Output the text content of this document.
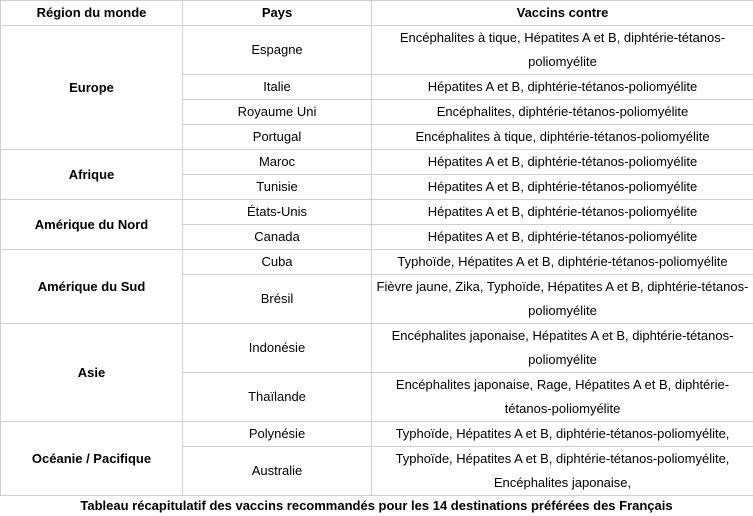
Région du monde	Pays	Vaccins contre
Europe	Espagne	Encéphalites à tique, Hépatites A et B, diphtérie-tétanos-poliomyélite
	Italie	Hépatites A et B, diphtérie-tétanos-poliomyélite
	Royaume Uni	Encéphalites, diphtérie-tétanos-poliomyélite
	Portugal	Encéphalites à tique, diphtérie-tétanos-poliomyélite
Afrique	Maroc	Hépatites A et B, diphtérie-tétanos-poliomyélite
	Tunisie	Hépatites A et B, diphtérie-tétanos-poliomyélite
Amérique du Nord	États-Unis	Hépatites A et B, diphtérie-tétanos-poliomyélite
	Canada	Hépatites A et B, diphtérie-tétanos-poliomyélite
Amérique du Sud	Cuba	Typhoïde, Hépatites A et B, diphtérie-tétanos-poliomyélite
	Brésil	Fièvre jaune, Zika, Typhoïde, Hépatites A et B, diphtérie-tétanos-poliomyélite
Asie	Indonésie	Encéphalites japonaise, Hépatites A et B, diphtérie-tétanos-poliomyélite
	Thaïlande	Encéphalites japonaise, Rage, Hépatites A et B, diphtérie-tétanos-poliomyélite
Océanie / Pacifique	Polynésie	Typhoïde, Hépatites A et B, diphtérie-tétanos-poliomyélite,
	Australie	Typhoïde, Hépatites A et B, diphtérie-tétanos-poliomyélite, Encéphalites japonaise,
Tableau récapitulatif des vaccins recommandés pour les 14 destinations préférées des Français
